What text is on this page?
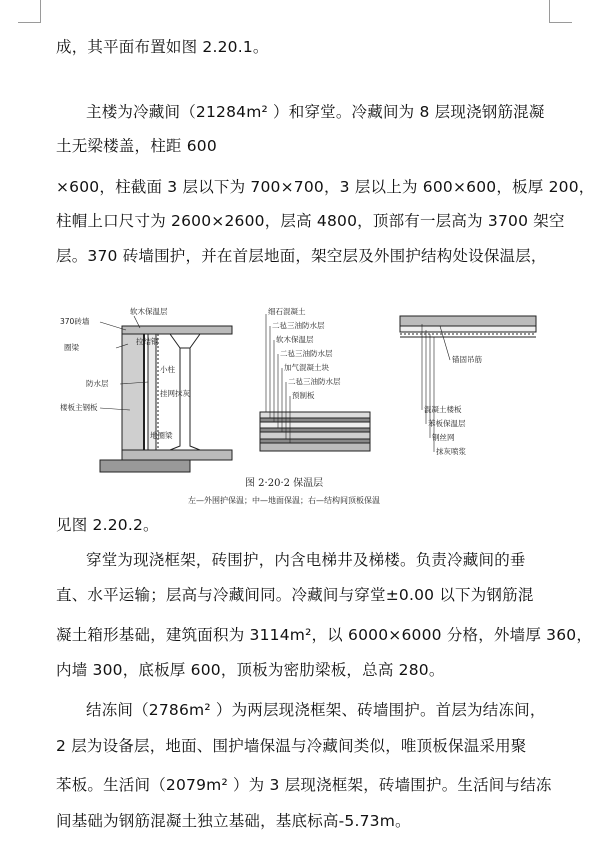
成，其平面布置如图 2.20.1。
主楼为冷藏间（21284m² ）和穿堂。冷藏间为 8 层现浇钢筋混凝
土无梁楼盖，柱距 600
×600，柱截面 3 层以下为 700×700，3 层以上为 600×600，板厚 200，
柱帽上口尺寸为 2600×2600，层高 4800，顶部有一层高为 3700 架空
层。370 砖墙围护，并在首层地面，架空层及外围护结构处设保温层，
370砖墙
软木保温层
圈梁
拉结钢
小柱
防水层
挂网抹灰
楼板主钢板
地圈梁
细石混凝土
二毡三油防水层
软木保温层
二毡三油防水层
加气混凝土块
二毡三油防水层
预制板
锚固吊筋
混凝土楼板
苯板保温层
钢丝网
抹灰喷浆
图 2·20·2 保温层
左—外围护保温；中—地面保温；右—结构间顶板保温
见图 2.20.2。
穿堂为现浇框架，砖围护，内含电梯井及梯楼。负责冷藏间的垂
直、水平运输；层高与冷藏间同。冷藏间与穿堂±0.00 以下为钢筋混
凝土箱形基础，建筑面积为 3114m²，以 6000×6000 分格，外墙厚 360，
内墙 300，底板厚 600，顶板为密肋梁板，总高 280。
结冻间（2786m² ）为两层现浇框架、砖墙围护。首层为结冻间，
2 层为设备层，地面、围护墙保温与冷藏间类似，唯顶板保温采用聚
苯板。生活间（2079m² ）为 3 层现浇框架，砖墙围护。生活间与结冻
间基础为钢筋混凝土独立基础，基底标高-5.73m。
